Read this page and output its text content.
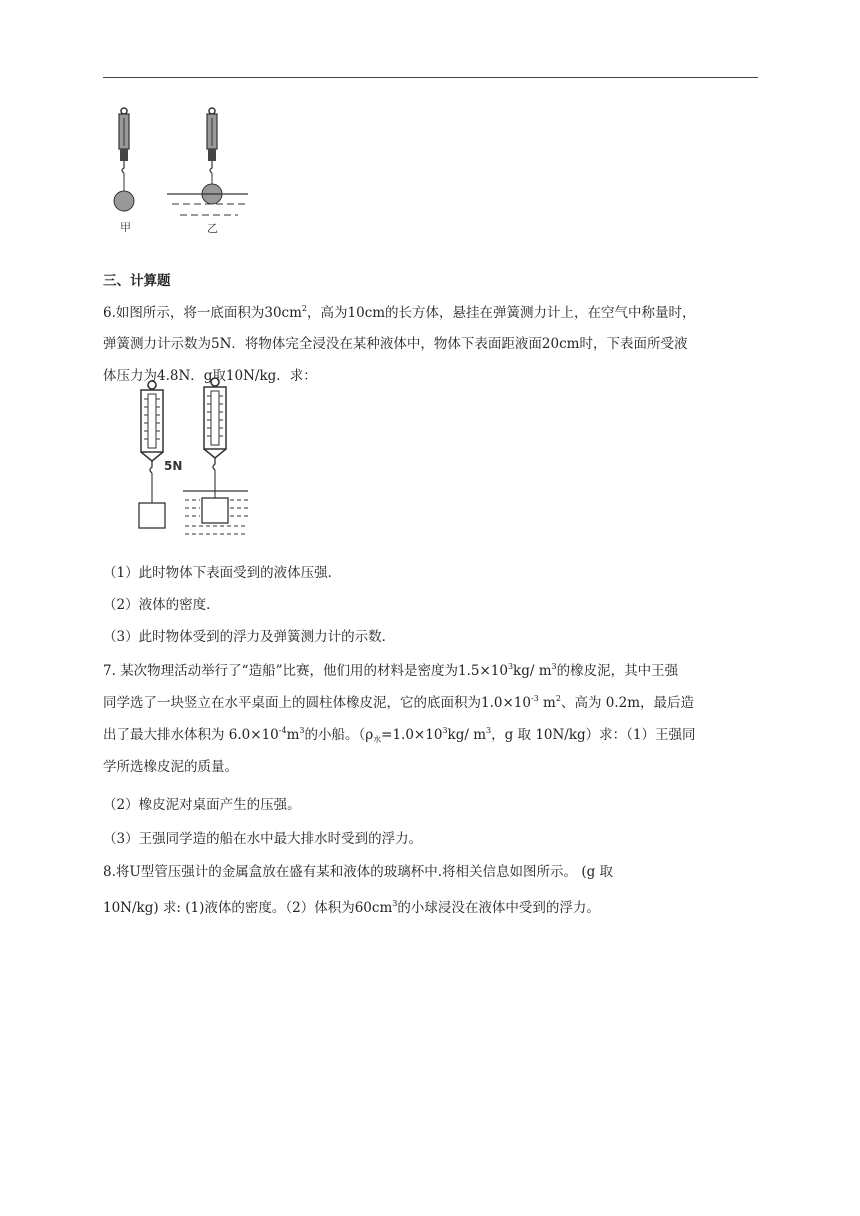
甲	乙
三、计算题
6.如图所示，将一底面积为$30cm^2$，高为10cm的长方体，悬挂在弹簧测力计上，在空气中称量时，
弹簧测力计示数为5N．将物体完全浸没在某种液体中，物体下表面距液面20cm时，下表面所受液
体压力为4.8N．g取10N/kg．求：
5N
（1）此时物体下表面受到的液体压强．
（2）液体的密度．
（3）此时物体受到的浮力及弹簧测力计的示数．
7. 某次物理活动举行了“造船”比赛，他们用的材料是密度为$1.5\times 10^3kg/$ $m^3$的橡皮泥，其中王强
同学选了一块竖立在水平桌面上的圆柱体橡皮泥，它的底面积为$1.0\times 10^{-3}$ $m^2$、高为 0.2m，最后造
出了最大排水体积为 $6.0\times 10^{-4}m^3$的小船。（$\rho_水=1.0\times 10^3kg/$ $m^3$，g 取 10N/kg）求：（1）王强同
学所选橡皮泥的质量。
（2）橡皮泥对桌面产生的压强。
（3）王强同学造的船在水中最大排水时受到的浮力。
8.将U型管压强计的金属盒放在盛有某和液体的玻璃杯中.将相关信息如图所示。 (g 取
10N/kg) 求: (1)液体的密度。（2）体积为$60cm^3$的小球浸没在液体中受到的浮力。
